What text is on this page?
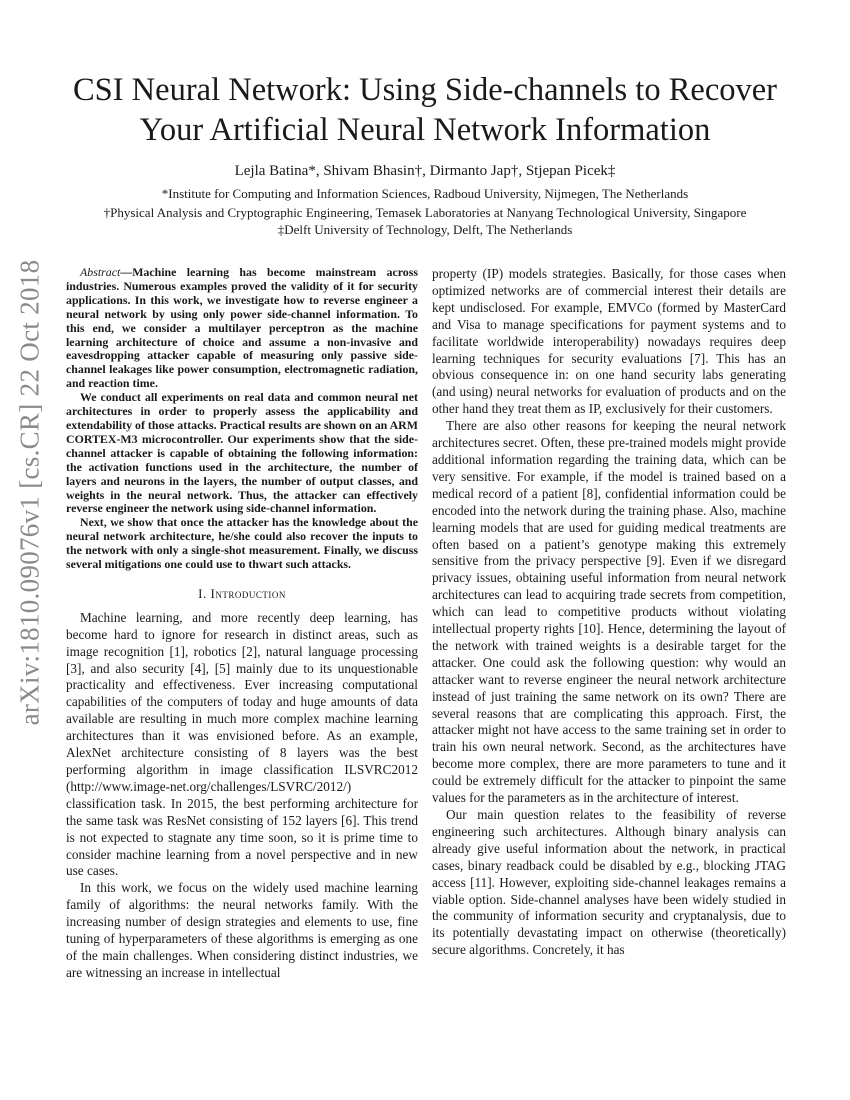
arXiv:1810.09076v1 [cs.CR] 22 Oct 2018
CSI Neural Network: Using Side-channels to Recover Your Artificial Neural Network Information
Lejla Batina*, Shivam Bhasin†, Dirmanto Jap†, Stjepan Picek‡
*Institute for Computing and Information Sciences, Radboud University, Nijmegen, The Netherlands
†Physical Analysis and Cryptographic Engineering, Temasek Laboratories at Nanyang Technological University, Singapore
‡Delft University of Technology, Delft, The Netherlands

Abstract—Machine learning has become mainstream across industries. Numerous examples proved the validity of it for security applications. In this work, we investigate how to reverse engineer a neural network by using only power side-channel information. To this end, we consider a multilayer perceptron as the machine learning architecture of choice and assume a non-invasive and eavesdropping attacker capable of measuring only passive side-channel leakages like power consumption, electromagnetic radiation, and reaction time.

We conduct all experiments on real data and common neural net architectures in order to properly assess the applicability and extendability of those attacks. Practical results are shown on an ARM CORTEX-M3 microcontroller. Our experiments show that the side-channel attacker is capable of obtaining the following information: the activation functions used in the architecture, the number of layers and neurons in the layers, the number of output classes, and weights in the neural network. Thus, the attacker can effectively reverse engineer the network using side-channel information.

Next, we show that once the attacker has the knowledge about the neural network architecture, he/she could also recover the inputs to the network with only a single-shot measurement. Finally, we discuss several mitigations one could use to thwart such attacks.

I. Introduction

Machine learning, and more recently deep learning, has become hard to ignore for research in distinct areas, such as image recognition [1], robotics [2], natural language processing [3], and also security [4], [5] mainly due to its unquestionable practicality and effectiveness. Ever increasing computational capabilities of the computers of today and huge amounts of data available are resulting in much more complex machine learning architectures than it was envisioned before. As an example, AlexNet architecture consisting of 8 layers was the best performing algorithm in image classification ILSVRC2012 (http://www.image-net.org/challenges/LSVRC/2012/) classification task. In 2015, the best performing architecture for the same task was ResNet consisting of 152 layers [6]. This trend is not expected to stagnate any time soon, so it is prime time to consider machine learning from a novel perspective and in new use cases.

In this work, we focus on the widely used machine learning family of algorithms: the neural networks family. With the increasing number of design strategies and elements to use, fine tuning of hyperparameters of these algorithms is emerging as one of the main challenges. When considering distinct industries, we are witnessing an increase in intellectual

property (IP) models strategies. Basically, for those cases when optimized networks are of commercial interest their details are kept undisclosed. For example, EMVCo (formed by MasterCard and Visa to manage specifications for payment systems and to facilitate worldwide interoperability) nowadays requires deep learning techniques for security evaluations [7]. This has an obvious consequence in: on one hand security labs generating (and using) neural networks for evaluation of products and on the other hand they treat them as IP, exclusively for their customers.

There are also other reasons for keeping the neural network architectures secret. Often, these pre-trained models might provide additional information regarding the training data, which can be very sensitive. For example, if the model is trained based on a medical record of a patient [8], confidential information could be encoded into the network during the training phase. Also, machine learning models that are used for guiding medical treatments are often based on a patient’s genotype making this extremely sensitive from the privacy perspective [9]. Even if we disregard privacy issues, obtaining useful information from neural network architectures can lead to acquiring trade secrets from competition, which can lead to competitive products without violating intellectual property rights [10]. Hence, determining the layout of the network with trained weights is a desirable target for the attacker. One could ask the following question: why would an attacker want to reverse engineer the neural network architecture instead of just training the same network on its own? There are several reasons that are complicating this approach. First, the attacker might not have access to the same training set in order to train his own neural network. Second, as the architectures have become more complex, there are more parameters to tune and it could be extremely difficult for the attacker to pinpoint the same values for the parameters as in the architecture of interest.

Our main question relates to the feasibility of reverse engineering such architectures. Although binary analysis can already give useful information about the network, in practical cases, binary readback could be disabled by e.g., blocking JTAG access [11]. However, exploiting side-channel leakages remains a viable option. Side-channel analyses have been widely studied in the community of information security and cryptanalysis, due to its potentially devastating impact on otherwise (theoretically) secure algorithms. Concretely, it has
